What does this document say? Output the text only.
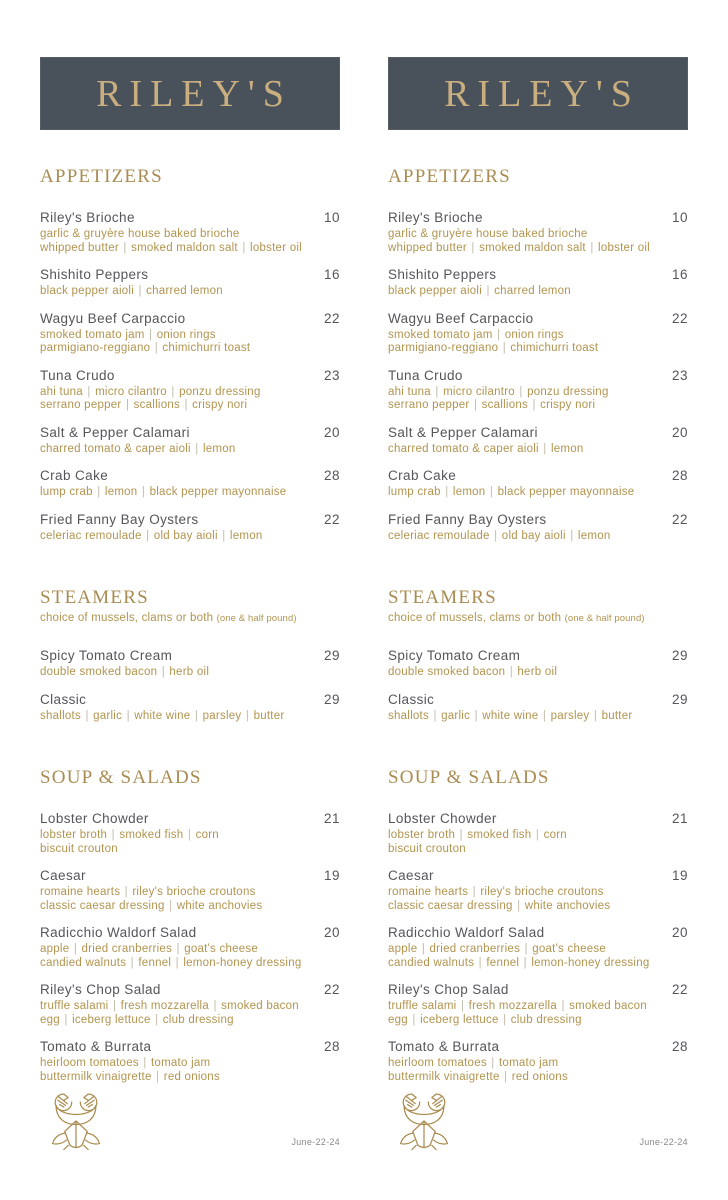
RILEY'S
APPETIZERS
Riley's Brioche	10
garlic & gruyère house baked brioche
whipped butter | smoked maldon salt | lobster oil
Shishito Peppers	16
black pepper aioli | charred lemon
Wagyu Beef Carpaccio	22
smoked tomato jam | onion rings
parmigiano-reggiano | chimichurri toast
Tuna Crudo	23
ahi tuna | micro cilantro | ponzu dressing
serrano pepper | scallions | crispy nori
Salt & Pepper Calamari	20
charred tomato & caper aioli | lemon
Crab Cake	28
lump crab | lemon | black pepper mayonnaise
Fried Fanny Bay Oysters	22
celeriac remoulade | old bay aioli | lemon
STEAMERS

choice of mussels, clams or both (one & half pound)

Spicy Tomato Cream	29
double smoked bacon | herb oil
Classic	29
shallots | garlic | white wine | parsley | butter
SOUP & SALADS
Lobster Chowder	21
lobster broth | smoked fish | corn
biscuit crouton
Caesar	19
romaine hearts | riley's brioche croutons
classic caesar dressing | white anchovies
Radicchio Waldorf Salad	20
apple | dried cranberries | goat's cheese
candied walnuts | fennel | lemon-honey dressing
Riley's Chop Salad	22
truffle salami | fresh mozzarella | smoked bacon
egg | iceberg lettuce | club dressing
Tomato & Burrata	28
heirloom tomatoes | tomato jam
buttermilk vinaigrette | red onions
June-22-24
RILEY'S
APPETIZERS
Riley's Brioche	10
garlic & gruyère house baked brioche
whipped butter | smoked maldon salt | lobster oil
Shishito Peppers	16
black pepper aioli | charred lemon
Wagyu Beef Carpaccio	22
smoked tomato jam | onion rings
parmigiano-reggiano | chimichurri toast
Tuna Crudo	23
ahi tuna | micro cilantro | ponzu dressing
serrano pepper | scallions | crispy nori
Salt & Pepper Calamari	20
charred tomato & caper aioli | lemon
Crab Cake	28
lump crab | lemon | black pepper mayonnaise
Fried Fanny Bay Oysters	22
celeriac remoulade | old bay aioli | lemon
STEAMERS

choice of mussels, clams or both (one & half pound)

Spicy Tomato Cream	29
double smoked bacon | herb oil
Classic	29
shallots | garlic | white wine | parsley | butter
SOUP & SALADS
Lobster Chowder	21
lobster broth | smoked fish | corn
biscuit crouton
Caesar	19
romaine hearts | riley's brioche croutons
classic caesar dressing | white anchovies
Radicchio Waldorf Salad	20
apple | dried cranberries | goat's cheese
candied walnuts | fennel | lemon-honey dressing
Riley's Chop Salad	22
truffle salami | fresh mozzarella | smoked bacon
egg | iceberg lettuce | club dressing
Tomato & Burrata	28
heirloom tomatoes | tomato jam
buttermilk vinaigrette | red onions
June-22-24
